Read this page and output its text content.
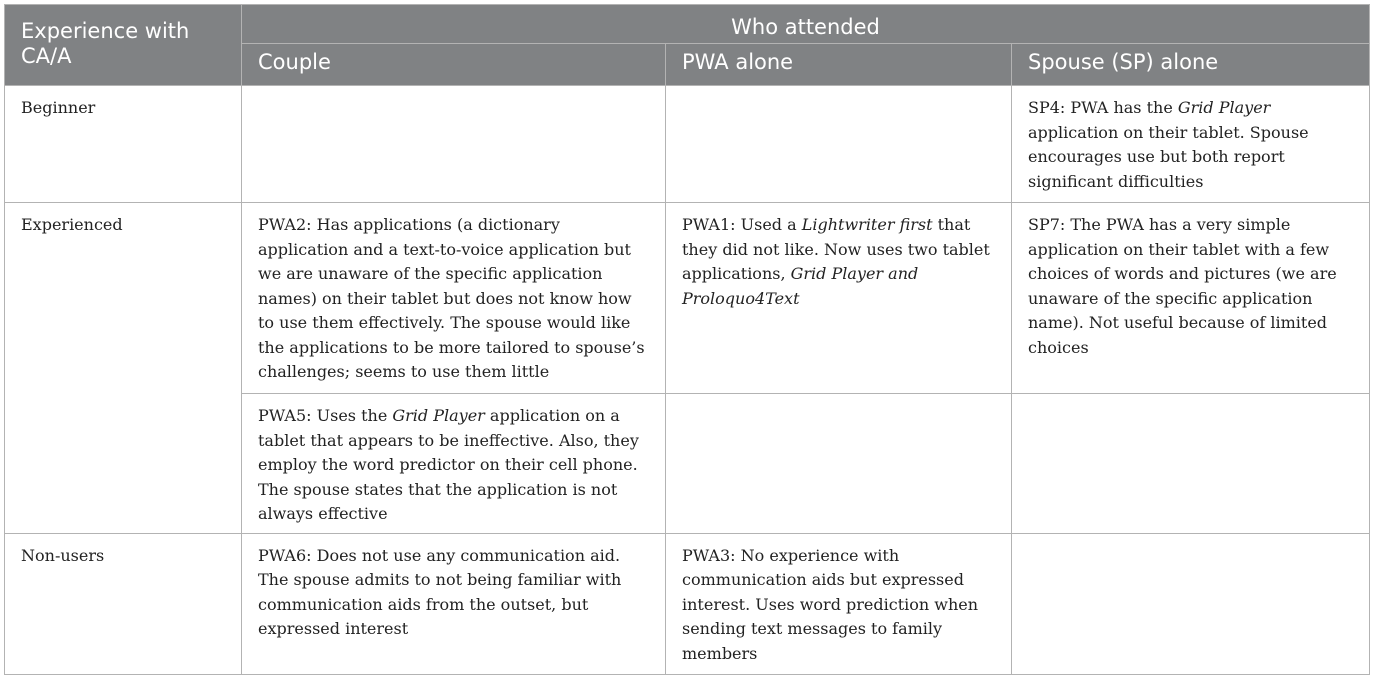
Experience with CA/A	Who attended		
	Couple	PWA alone	Spouse (SP) alone
Beginner			SP4: PWA has the Grid Player application on their tablet. Spouse encourages use but both report significant difficulties
Experienced	PWA2: Has applications (a dictionary application and a text-to-voice application but we are unaware of the specific application names) on their tablet but does not know how to use them effectively. The spouse would like the applications to be more tailored to spouse’s challenges; seems to use them little	PWA1: Used a Lightwriter first that they did not like. Now uses two tablet applications, Grid Player and Proloquo4Text	SP7: The PWA has a very simple application on their tablet with a few choices of words and pictures (we are unaware of the specific application name). Not useful because of limited choices
	PWA5: Uses the Grid Player application on a tablet that appears to be ineffective. Also, they employ the word predictor on their cell phone. The spouse states that the application is not always effective		
Non-users	PWA6: Does not use any communication aid. The spouse admits to not being familiar with communication aids from the outset, but expressed interest	PWA3: No experience with communication aids but expressed interest. Uses word prediction when sending text messages to family members	
